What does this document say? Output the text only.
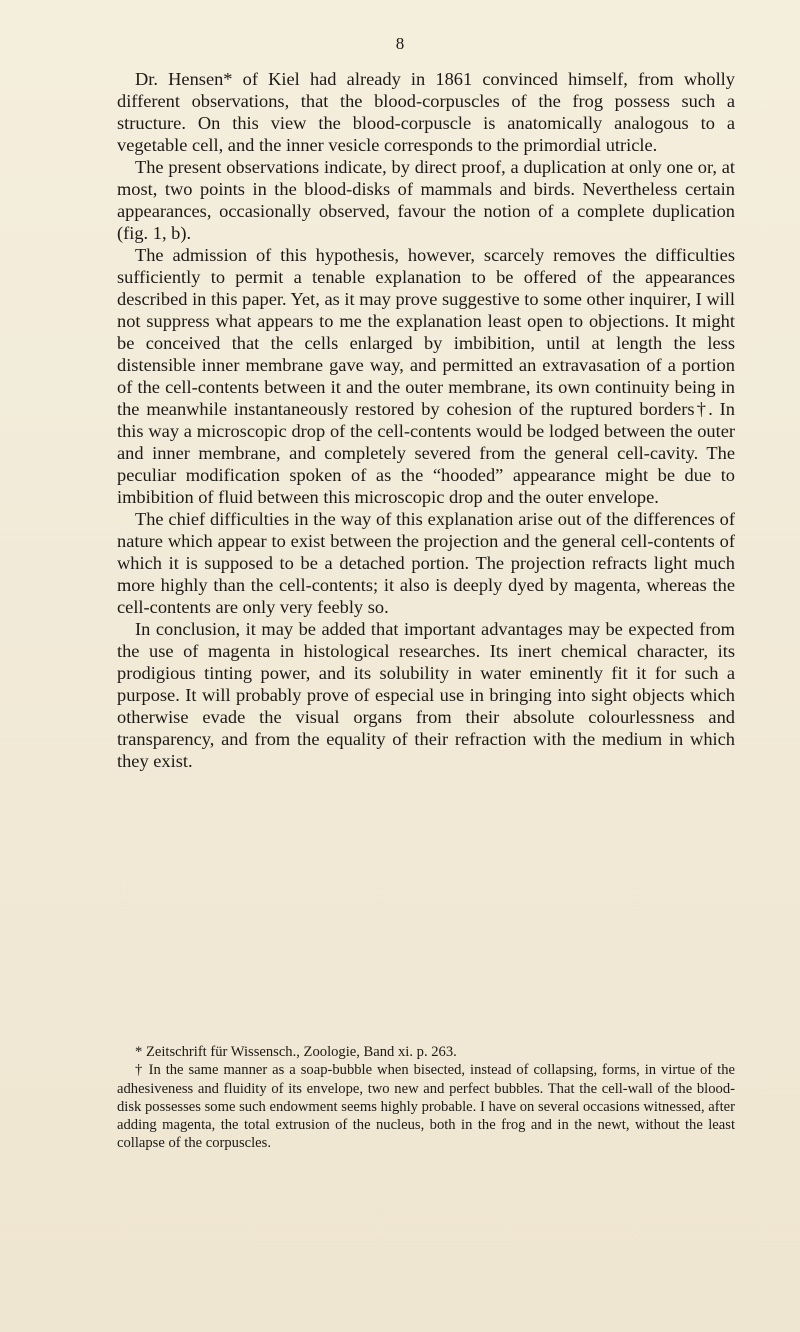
8

Dr. Hensen* of Kiel had already in 1861 convinced himself, from wholly different observations, that the blood-corpuscles of the frog possess such a structure. On this view the blood-corpuscle is anatomically analogous to a vegetable cell, and the inner vesicle corresponds to the primordial utricle.

The present observations indicate, by direct proof, a duplication at only one or, at most, two points in the blood-disks of mammals and birds. Nevertheless certain appearances, occasionally observed, favour the notion of a complete duplication (fig. 1, b).

The admission of this hypothesis, however, scarcely removes the difficulties sufficiently to permit a tenable explanation to be offered of the appearances described in this paper. Yet, as it may prove suggestive to some other inquirer, I will not suppress what appears to me the explanation least open to objections. It might be conceived that the cells enlarged by imbibition, until at length the less distensible inner membrane gave way, and permitted an extravasation of a portion of the cell-contents between it and the outer membrane, its own continuity being in the meanwhile instantaneously restored by cohesion of the ruptured borders†. In this way a microscopic drop of the cell-contents would be lodged between the outer and inner membrane, and completely severed from the general cell-cavity. The peculiar modification spoken of as the “hooded” appearance might be due to imbibition of fluid between this microscopic drop and the outer envelope.

The chief difficulties in the way of this explanation arise out of the differences of nature which appear to exist between the projection and the general cell-contents of which it is supposed to be a detached portion. The projection refracts light much more highly than the cell-contents; it also is deeply dyed by magenta, whereas the cell-contents are only very feebly so.

In conclusion, it may be added that important advantages may be expected from the use of magenta in histological researches. Its inert chemical character, its prodigious tinting power, and its solubility in water eminently fit it for such a purpose. It will probably prove of especial use in bringing into sight objects which otherwise evade the visual organs from their absolute colourlessness and transparency, and from the equality of their refraction with the medium in which they exist.

* Zeitschrift für Wissensch., Zoologie, Band xi. p. 263.

† In the same manner as a soap-bubble when bisected, instead of collapsing, forms, in virtue of the adhesiveness and fluidity of its envelope, two new and perfect bubbles. That the cell-wall of the blood-disk possesses some such endowment seems highly probable. I have on several occasions witnessed, after adding magenta, the total extrusion of the nucleus, both in the frog and in the newt, without the least collapse of the corpuscles.
